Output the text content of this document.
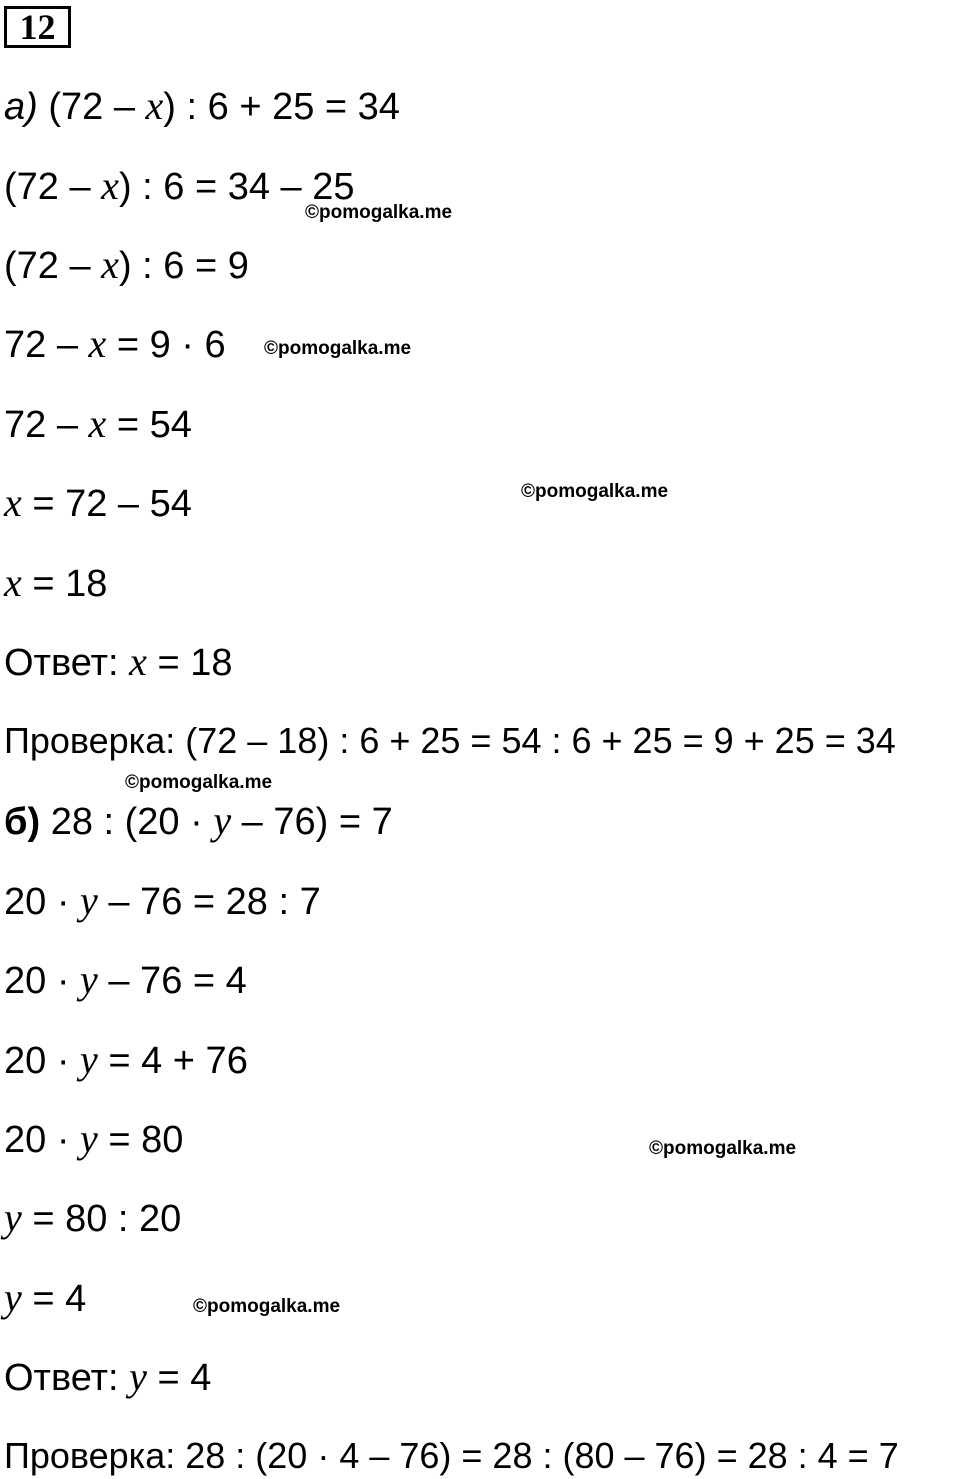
12
а) (72 – x) : 6 + 25 = 34
(72 – x) : 6 = 34 – 25
(72 – x) : 6 = 9
72 – x = 9 · 6
72 – x = 54
x = 72 – 54
x = 18
Ответ: x = 18
Проверка: (72 – 18) : 6 + 25 = 54 : 6 + 25 = 9 + 25 = 34
б) 28 : (20 · y – 76) = 7
20 · y – 76 = 28 : 7
20 · y – 76 = 4
20 · y = 4 + 76
20 · y = 80
y = 80 : 20
y = 4
Ответ: y = 4
Проверка: 28 : (20 · 4 – 76) = 28 : (80 – 76) = 28 : 4 = 7
©pomogalka.me
©pomogalka.me
©pomogalka.me
©pomogalka.me
©pomogalka.me
©pomogalka.me
